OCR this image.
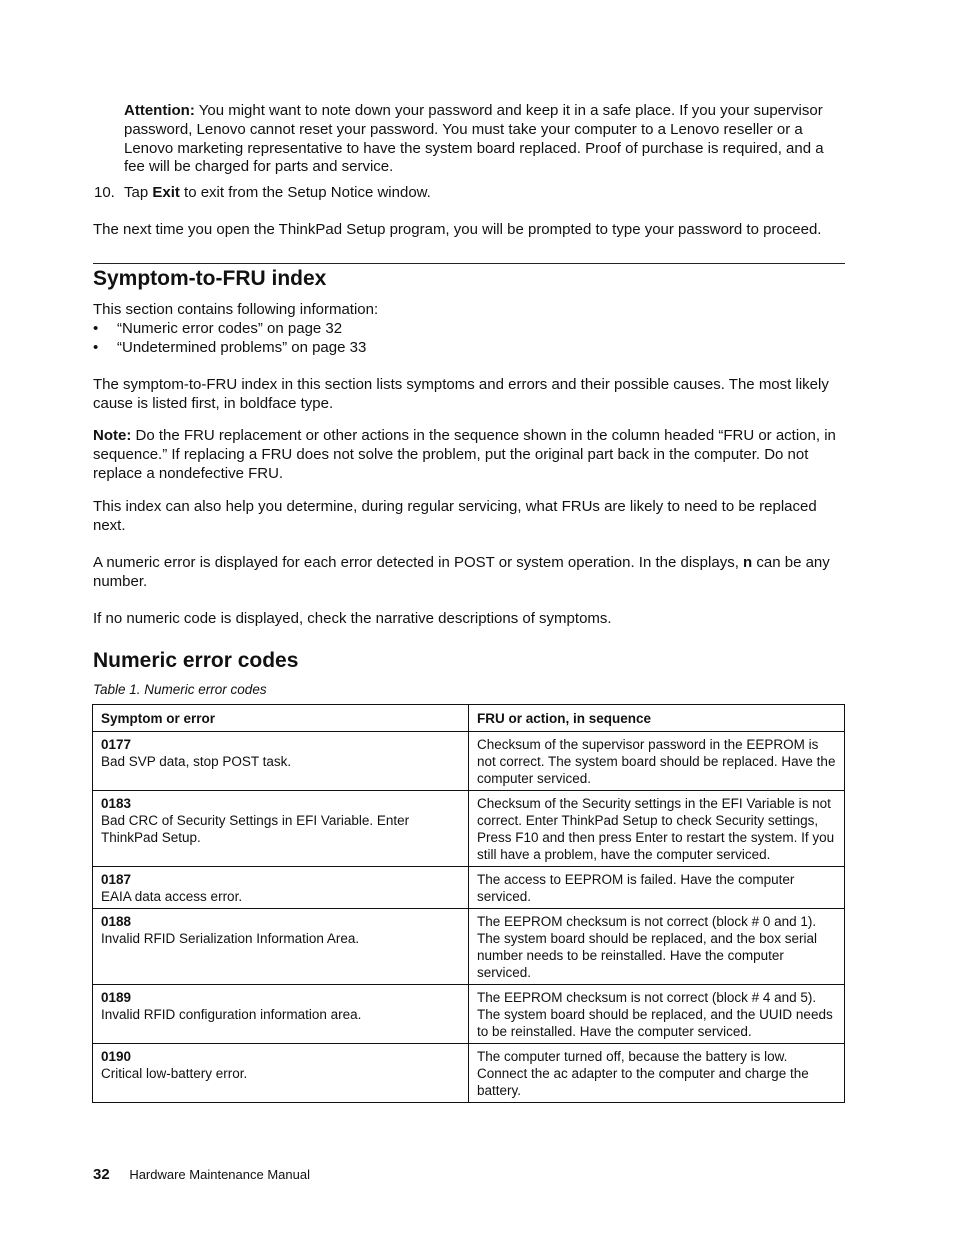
Attention: You might want to note down your password and keep it in a safe place. If you your supervisor password, Lenovo cannot reset your password. You must take your computer to a Lenovo reseller or a Lenovo marketing representative to have the system board replaced. Proof of purchase is required, and a fee will be charged for parts and service.
10. Tap Exit to exit from the Setup Notice window.
The next time you open the ThinkPad Setup program, you will be prompted to type your password to proceed.
Symptom-to-FRU index
This section contains following information:
•	“Numeric error codes” on page 32
•	“Undetermined problems” on page 33
The symptom-to-FRU index in this section lists symptoms and errors and their possible causes. The most likely cause is listed first, in boldface type.
Note: Do the FRU replacement or other actions in the sequence shown in the column headed “FRU or action, in sequence.” If replacing a FRU does not solve the problem, put the original part back in the computer. Do not replace a nondefective FRU.
This index can also help you determine, during regular servicing, what FRUs are likely to need to be replaced next.
A numeric error is displayed for each error detected in POST or system operation. In the displays, n can be any number.
If no numeric code is displayed, check the narrative descriptions of symptoms.
Numeric error codes
Table 1. Numeric error codes
Symptom or error	FRU or action, in sequence

0177
Bad SVP data, stop POST task.	Checksum of the supervisor password in the EEPROM is not correct. The system board should be replaced. Have the computer serviced.

0183
Bad CRC of Security Settings in EFI Variable. Enter ThinkPad Setup.	Checksum of the Security settings in the EFI Variable is not correct. Enter ThinkPad Setup to check Security settings, Press F10 and then press Enter to restart the system. If you still have a problem, have the computer serviced.

0187
EAIA data access error.	The access to EEPROM is failed. Have the computer serviced.

0188
Invalid RFID Serialization Information Area.	The EEPROM checksum is not correct (block # 0 and 1). The system board should be replaced, and the box serial number needs to be reinstalled. Have the computer serviced.

0189
Invalid RFID configuration information area.	The EEPROM checksum is not correct (block # 4 and 5). The system board should be replaced, and the UUID needs to be reinstalled. Have the computer serviced.

0190
Critical low-battery error.	The computer turned off, because the battery is low. Connect the ac adapter to the computer and charge the battery.
32 Hardware Maintenance Manual
